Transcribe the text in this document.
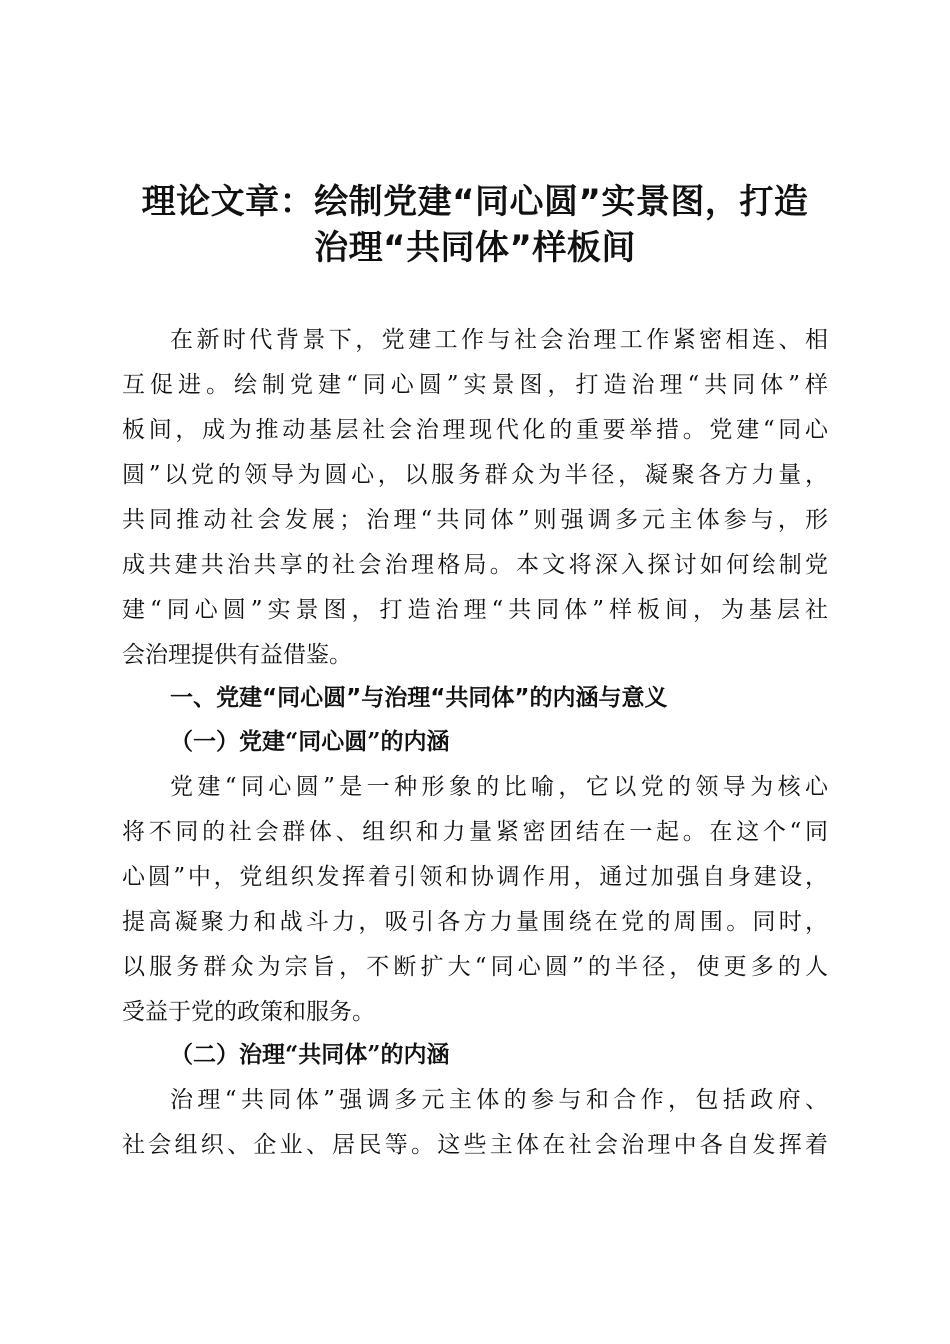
理论文章：绘制党建“同心圆”实景图，打造
治理“共同体”样板间
在新时代背景下，党建工作与社会治理工作紧密相连、相
互促进。绘制党建“同心圆”实景图，打造治理“共同体”样
板间，成为推动基层社会治理现代化的重要举措。党建“同心
圆”以党的领导为圆心，以服务群众为半径，凝聚各方力量，
共同推动社会发展；治理“共同体”则强调多元主体参与，形
成共建共治共享的社会治理格局。本文将深入探讨如何绘制党
建“同心圆”实景图，打造治理“共同体”样板间，为基层社
会治理提供有益借鉴。
一、党建“同心圆”与治理“共同体”的内涵与意义
（一）党建“同心圆”的内涵
党建“同心圆”是一种形象的比喻，它以党的领导为核心
将不同的社会群体、组织和力量紧密团结在一起。在这个“同
心圆”中，党组织发挥着引领和协调作用，通过加强自身建设，
提高凝聚力和战斗力，吸引各方力量围绕在党的周围。同时，
以服务群众为宗旨，不断扩大“同心圆”的半径，使更多的人
受益于党的政策和服务。
（二）治理“共同体”的内涵
治理“共同体”强调多元主体的参与和合作，包括政府、
社会组织、企业、居民等。这些主体在社会治理中各自发挥着
